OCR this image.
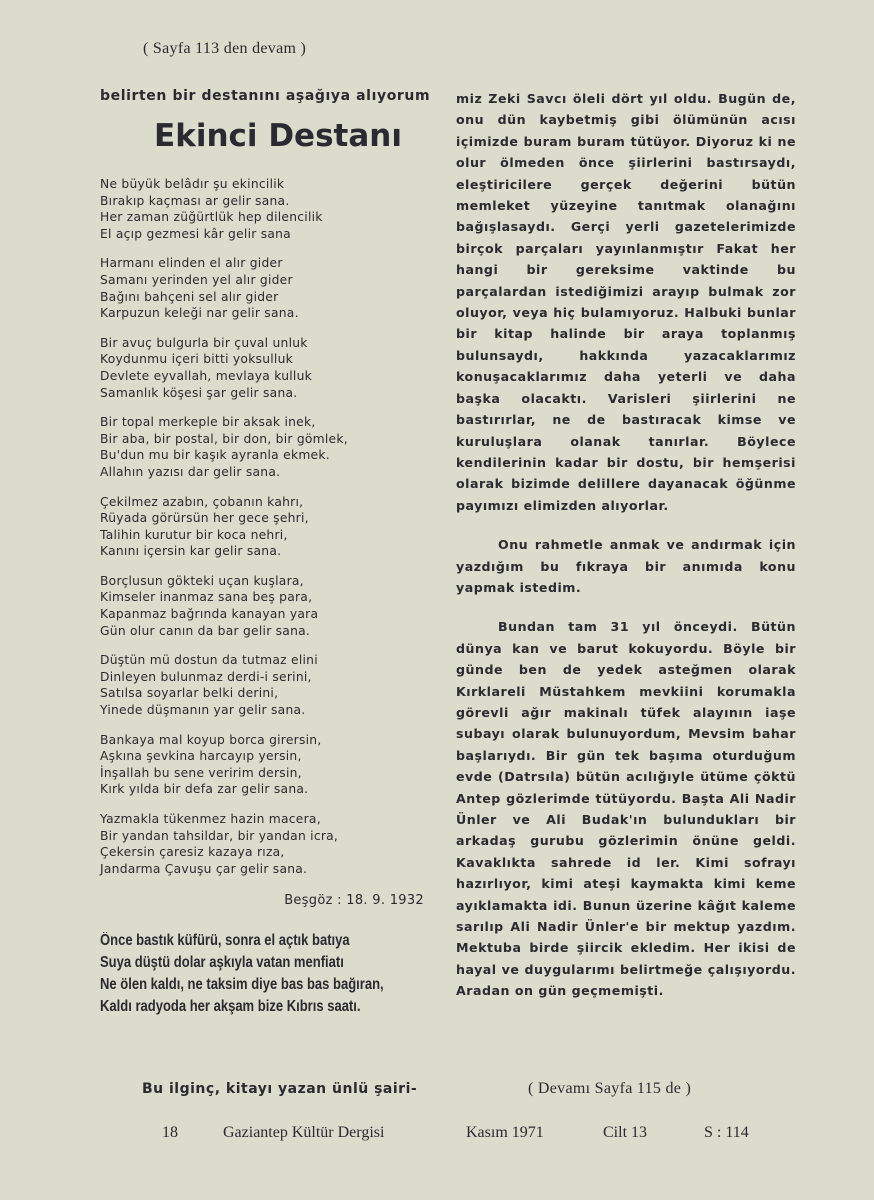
( Sayfa 113 den devam )

belirten bir destanını aşağıya alıyorum

Ekinci Destanı
Ne büyük belâdır şu ekincilik
Bırakıp kaçması ar gelir sana.
Her zaman züğürtlük hep dilencilik
El açıp gezmesi kâr gelir sana
Harmanı elinden el alır gider
Samanı yerinden yel alır gider
Bağını bahçeni sel alır gider
Karpuzun keleği nar gelir sana.
Bir avuç bulgurla bir çuval unluk
Koydunmu içeri bitti yoksulluk
Devlete eyvallah, mevlaya kulluk
Samanlık köşesi şar gelir sana.
Bir topal merkeple bir aksak inek,
Bir aba, bir postal, bir don, bir gömlek,
Bu'dun mu bir kaşık ayranla ekmek.
Allahın yazısı dar gelir sana.
Çekilmez azabın, çobanın kahrı,
Rüyada görürsün her gece şehri,
Talihin kurutur bir koca nehri,
Kanını içersin kar gelir sana.
Borçlusun gökteki uçan kuşlara,
Kimseler inanmaz sana beş para,
Kapanmaz bağrında kanayan yara
Gün olur canın da bar gelir sana.
Düştün mü dostun da tutmaz elini
Dinleyen bulunmaz derdi-i serini,
Satılsa soyarlar belki derini,
Yinede düşmanın yar gelir sana.
Bankaya mal koyup borca girersin,
Aşkına şevkina harcayıp yersin,
İnşallah bu sene veririm dersin,
Kırk yılda bir defa zar gelir sana.
Yazmakla tükenmez hazin macera,
Bir yandan tahsildar, bir yandan icra,
Çekersin çaresiz kazaya rıza,
Jandarma Çavuşu çar gelir sana.
Beşgöz : 18. 9. 1932
Önce bastık küfürü, sonra el açtık batıya
Suya düştü dolar aşkıyla vatan menfiatı
Ne ölen kaldı, ne taksim diye bas bas bağıran,
Kaldı radyoda her akşam bize Kıbrıs saatı.
Bu ilginç, kitayı yazan ünlü şairi-

miz Zeki Savcı öleli dört yıl oldu. Bugün de, onu dün kaybetmiş gibi ölümünün acısı içimizde buram buram tütüyor. Diyoruz ki ne olur ölmeden önce şiirlerini bastırsaydı, eleştiricilere gerçek değerini bütün memleket yüzeyine tanıtmak olanağını bağışlasaydı. Gerçi yerli gazetelerimizde birçok parçaları yayınlanmıştır Fakat her hangi bir gereksime vaktinde bu parçalardan istediğimizi arayıp bulmak zor oluyor, veya hiç bulamıyoruz. Halbuki bunlar bir kitap halinde bir araya toplanmış bulunsaydı, hakkında yazacaklarımız konuşacaklarımız daha yeterli ve daha başka olacaktı. Varisleri şiirlerini ne bastırırlar, ne de bastıracak kimse ve kuruluşlara olanak tanırlar. Böylece kendilerinin kadar bir dostu, bir hemşerisi olarak bizimde delillere dayanacak öğünme payımızı elimizden alıyorlar.

Onu rahmetle anmak ve andırmak için yazdığım bu fıkraya bir anımıda konu yapmak istedim.

Bundan tam 31 yıl önceydi. Bütün dünya kan ve barut kokuyordu. Böyle bir günde ben de yedek asteğmen olarak Kırklareli Müstahkem mevkiini korumakla görevli ağır makinalı tüfek alayının iaşe subayı olarak bulunuyordum, Mevsim bahar başlarıydı. Bir gün tek başıma oturduğum evde (Datrsıla) bütün acılığıyle ütüme çöktü Antep gözlerimde tütüyordu. Başta Ali Nadir Ünler ve Ali Budak'ın bulundukları bir arkadaş gurubu gözlerimin önüne geldi. Kavaklıkta sahrede id ler. Kimi sofrayı hazırlıyor, kimi ateşi kaymakta kimi keme ayıklamakta idi. Bunun üzerine kâğıt kaleme sarılıp Ali Nadir Ünler'e bir mektup yazdım. Mektuba birde şiircik ekledim. Her ikisi de hayal ve duygularımı belirtmeğe çalışıyordu. Aradan on gün geçmemişti.

( Devamı Sayfa 115 de )
18	Gaziantep Kültür Dergisi	Kasım 1971	Cilt 13	S : 114
